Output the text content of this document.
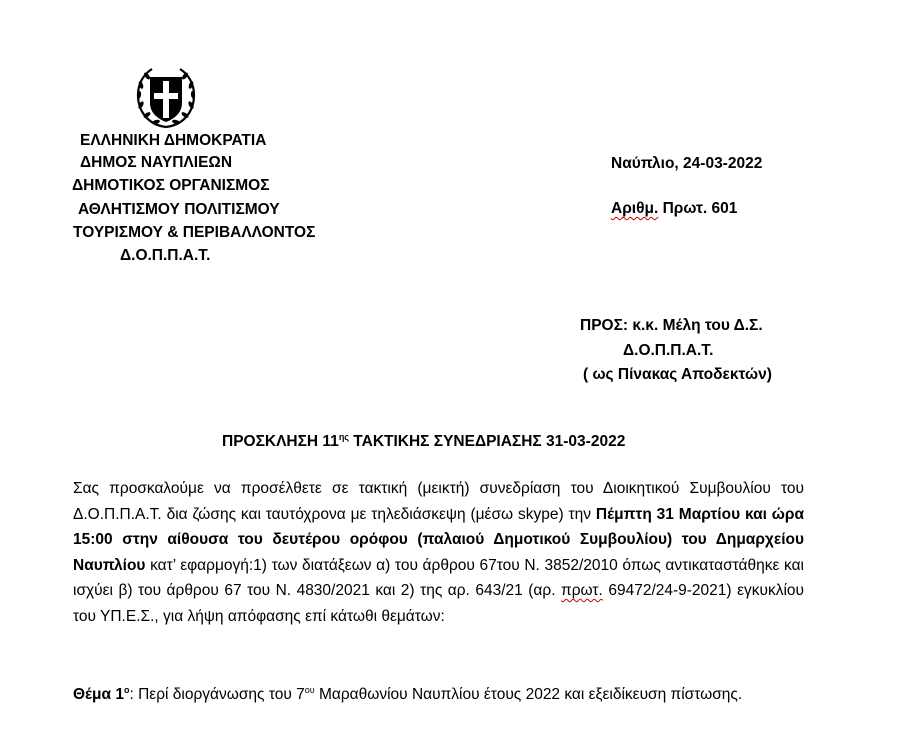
ΕΛΛΗΝΙΚΗ ΔΗΜΟΚΡΑΤΙΑ
ΔΗΜΟΣ ΝΑΥΠΛΙΕΩΝ
ΔΗΜΟΤΙΚΟΣ ΟΡΓΑΝΙΣΜΟΣ
ΑΘΛΗΤΙΣΜΟΥ ΠΟΛΙΤΙΣΜΟΥ
ΤΟΥΡΙΣΜΟΥ & ΠΕΡΙΒΑΛΛΟΝΤΟΣ
Δ.Ο.Π.Π.Α.Τ.
Ναύπλιο, 24-03-2022
Αριθμ. Πρωτ. 601
ΠΡΟΣ: κ.κ. Μέλη του Δ.Σ.
Δ.Ο.Π.Π.Α.Τ.
( ως Πίνακας Αποδεκτών)
ΠΡΟΣΚΛΗΣΗ $11^{\eta\varsigma}$ ΤΑΚΤΙΚΗΣ ΣΥΝΕΔΡΙΑΣΗΣ 31-03-2022
Σας προσκαλούμε να προσέλθετε σε τακτική (μεικτή) συνεδρίαση του Διοικητικού Συμβουλίου του Δ.Ο.Π.Π.Α.Τ. δια ζώσης και ταυτόχρονα με τηλεδιάσκεψη (μέσω skype) την Πέμπτη 31 Μαρτίου και ώρα 15:00 στην αίθουσα του δευτέρου ορόφου (παλαιού Δημοτικού Συμβουλίου) του Δημαρχείου Ναυπλίου κατ’ εφαρμογή:1) των διατάξεων α) του άρθρου 67του Ν. 3852/2010 όπως αντικαταστάθηκε και ισχύει β) του άρθρου 67 του Ν. 4830/2021 και 2) της αρ. 643/21 (αρ. πρωτ. 69472/24-9-2021) εγκυκλίου του ΥΠ.Ε.Σ., για λήψη απόφασης επί κάτωθι θεμάτων:
Θέμα $1^o$: Περί διοργάνωσης του $7^{o\upsilon}$ Μαραθωνίου Ναυπλίου έτους 2022 και εξειδίκευση πίστωσης.
